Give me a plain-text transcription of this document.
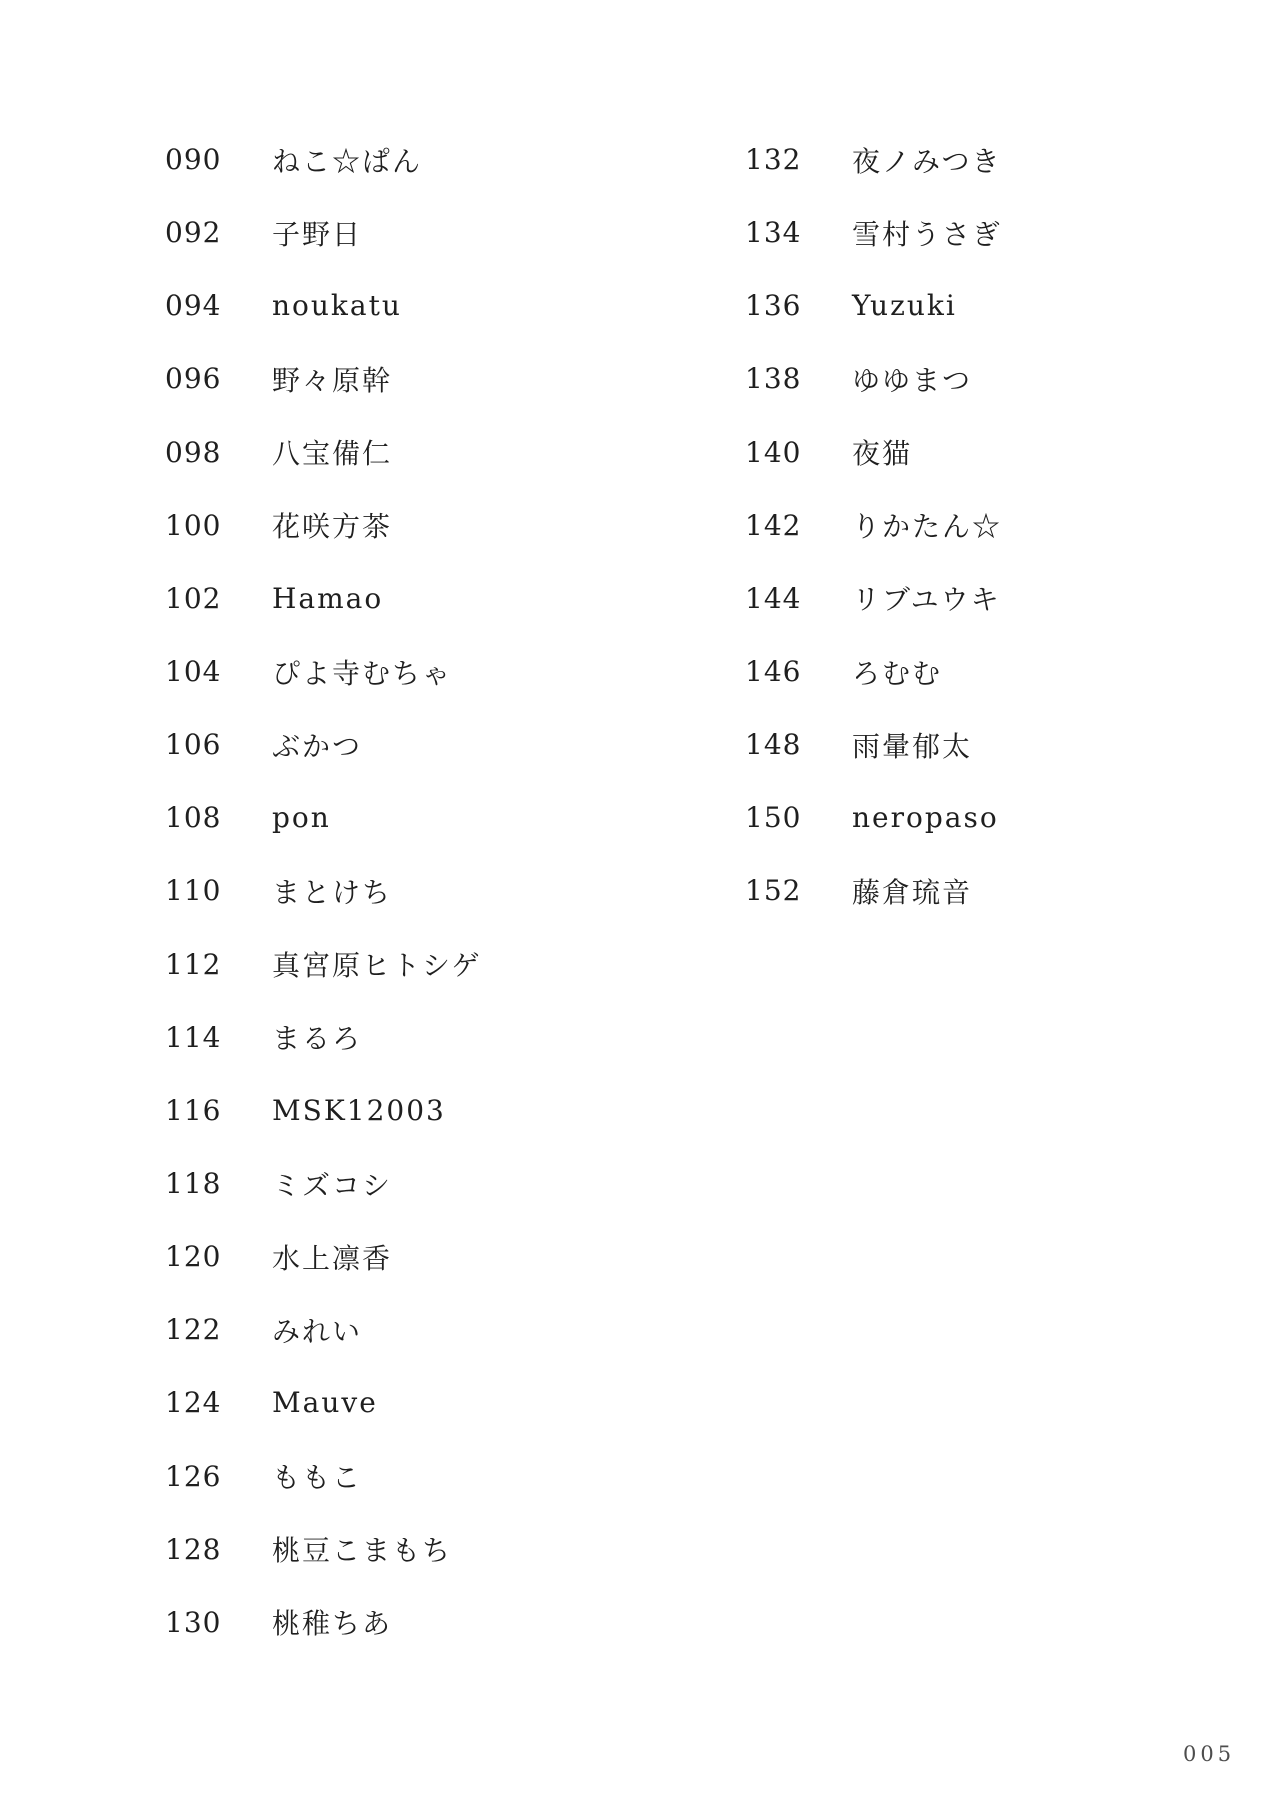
090	ねこ☆ぱん
092	子野日
094	noukatu
096	野々原幹
098	八宝備仁
100	花咲方茶
102	Hamao
104	ぴよ寺むちゃ
106	ぶかつ
108	pon
110	まとけち
112	真宮原ヒトシゲ
114	まるろ
116	MSK12003
118	ミズコシ
120	水上凛香
122	みれい
124	Mauve
126	ももこ
128	桃豆こまもち
130	桃稚ちあ
132	夜ノみつき
134	雪村うさぎ
136	Yuzuki
138	ゆゆまつ
140	夜猫
142	りかたん☆
144	リブユウキ
146	ろむむ
148	雨暈郁太
150	neropaso
152	藤倉琉音
005
